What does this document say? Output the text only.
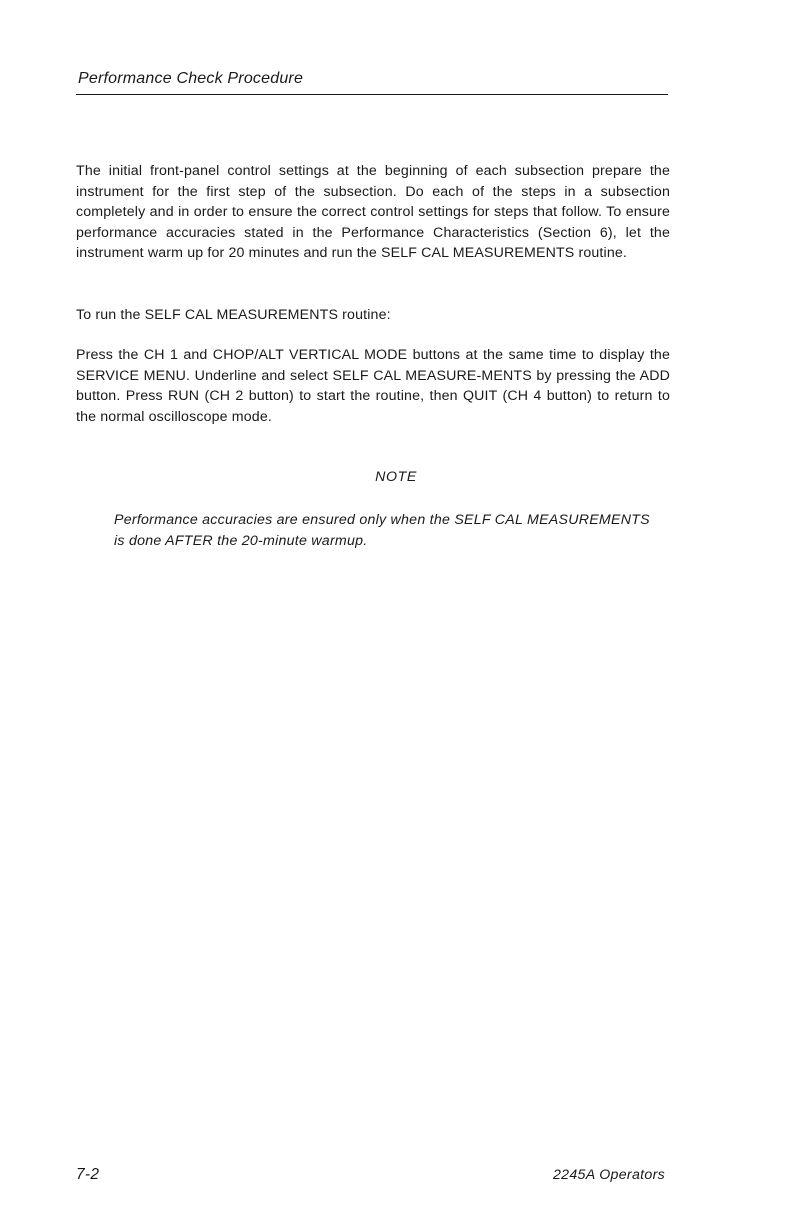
Performance Check Procedure

The initial front-panel control settings at the beginning of each subsection prepare the instrument for the first step of the subsection. Do each of the steps in a subsection completely and in order to ensure the correct control settings for steps that follow. To ensure performance accuracies stated in the Performance Characteristics (Section 6), let the instrument warm up for 20 minutes and run the SELF CAL MEASUREMENTS routine.

To run the SELF CAL MEASUREMENTS routine:

Press the CH 1 and CHOP/ALT VERTICAL MODE buttons at the same time to display the SERVICE MENU. Underline and select SELF CAL MEASURE-MENTS by pressing the ADD button. Press RUN (CH 2 button) to start the routine, then QUIT (CH 4 button) to return to the normal oscilloscope mode.

NOTE

Performance accuracies are ensured only when the SELF CAL MEASUREMENTS is done AFTER the 20-minute warmup.

7-2	2245A Operators
